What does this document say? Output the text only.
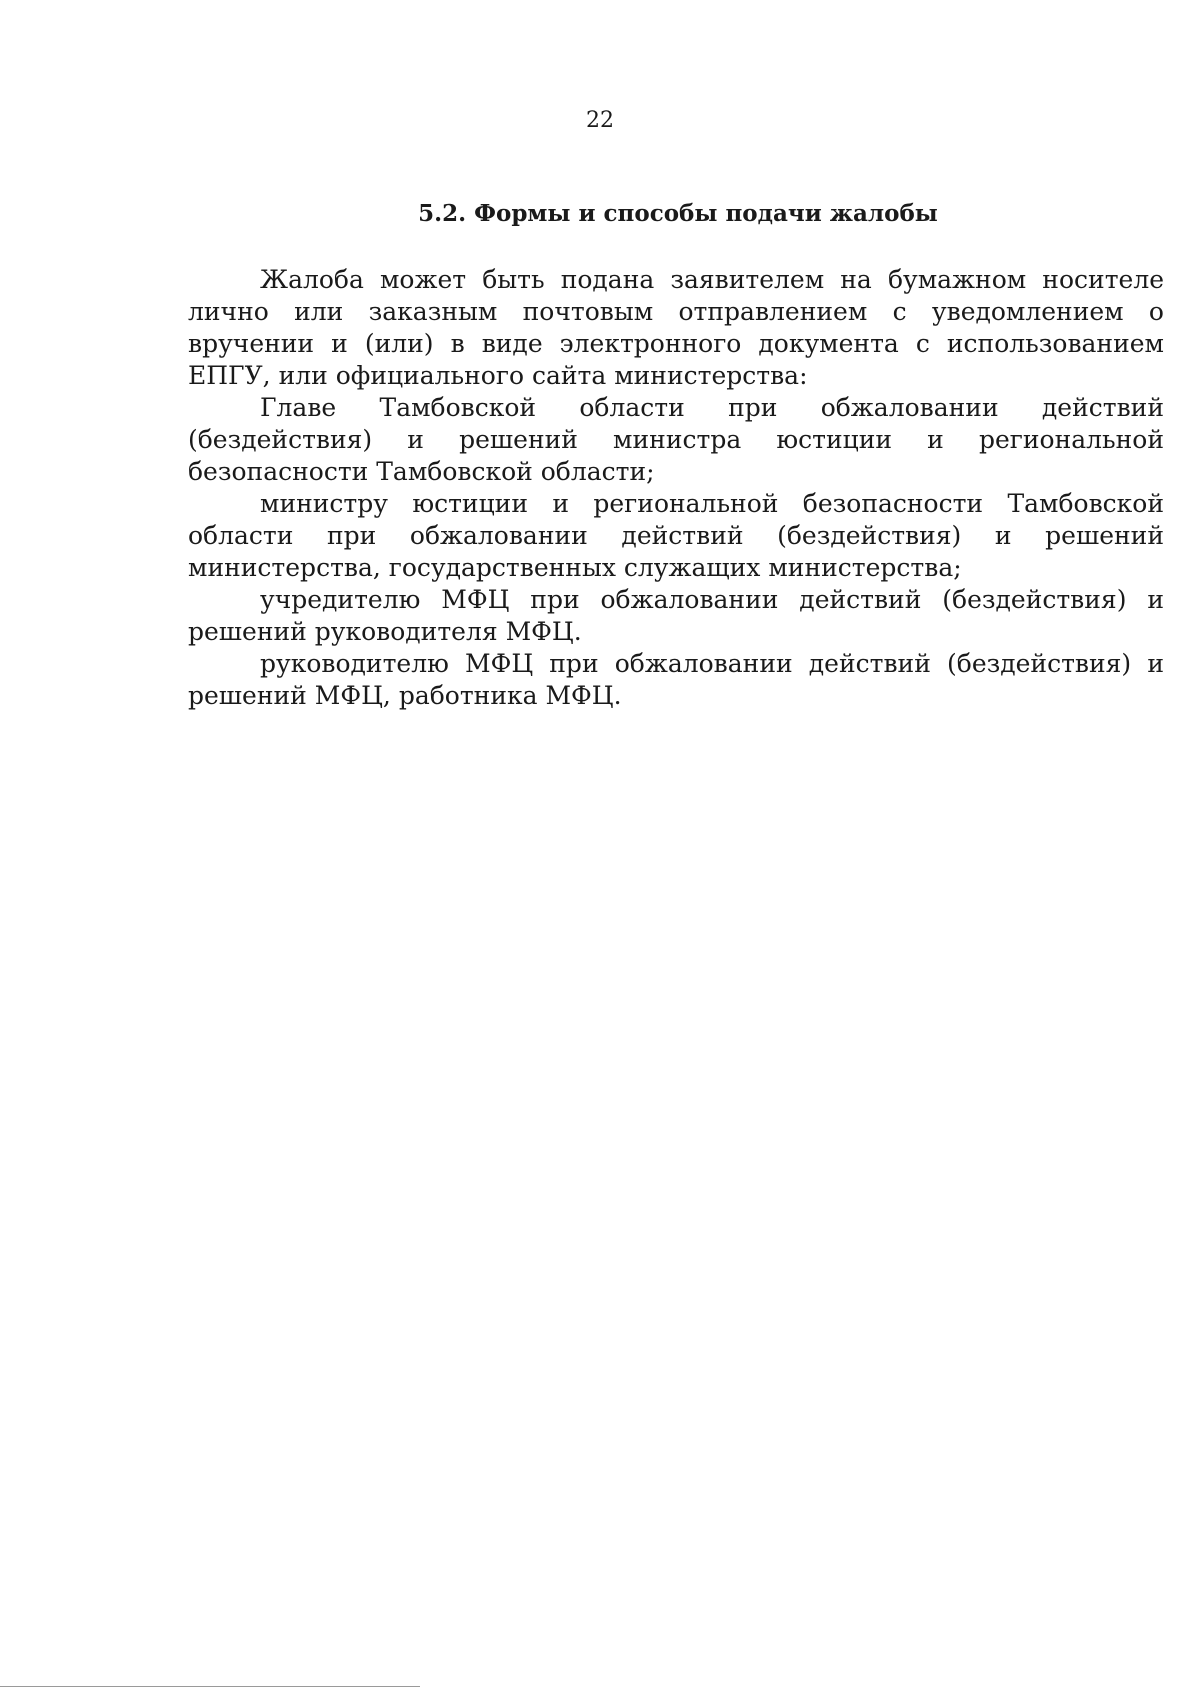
22
5.2. Формы и способы подачи жалобы

Жалоба может быть подана заявителем на бумажном носителе лично или заказным почтовым отправлением с уведомлением о вручении и (или) в виде электронного документа с использованием ЕПГУ, или официального сайта министерства:

Главе Тамбовской области при обжаловании действий (бездействия) и решений министра юстиции и региональной безопасности Тамбовской области;

министру юстиции и региональной безопасности Тамбовской области при обжаловании действий (бездействия) и решений министерства, государственных служащих министерства;

учредителю МФЦ при обжаловании действий (бездействия) и решений руководителя МФЦ.

руководителю МФЦ при обжаловании действий (бездействия) и решений МФЦ, работника МФЦ.
